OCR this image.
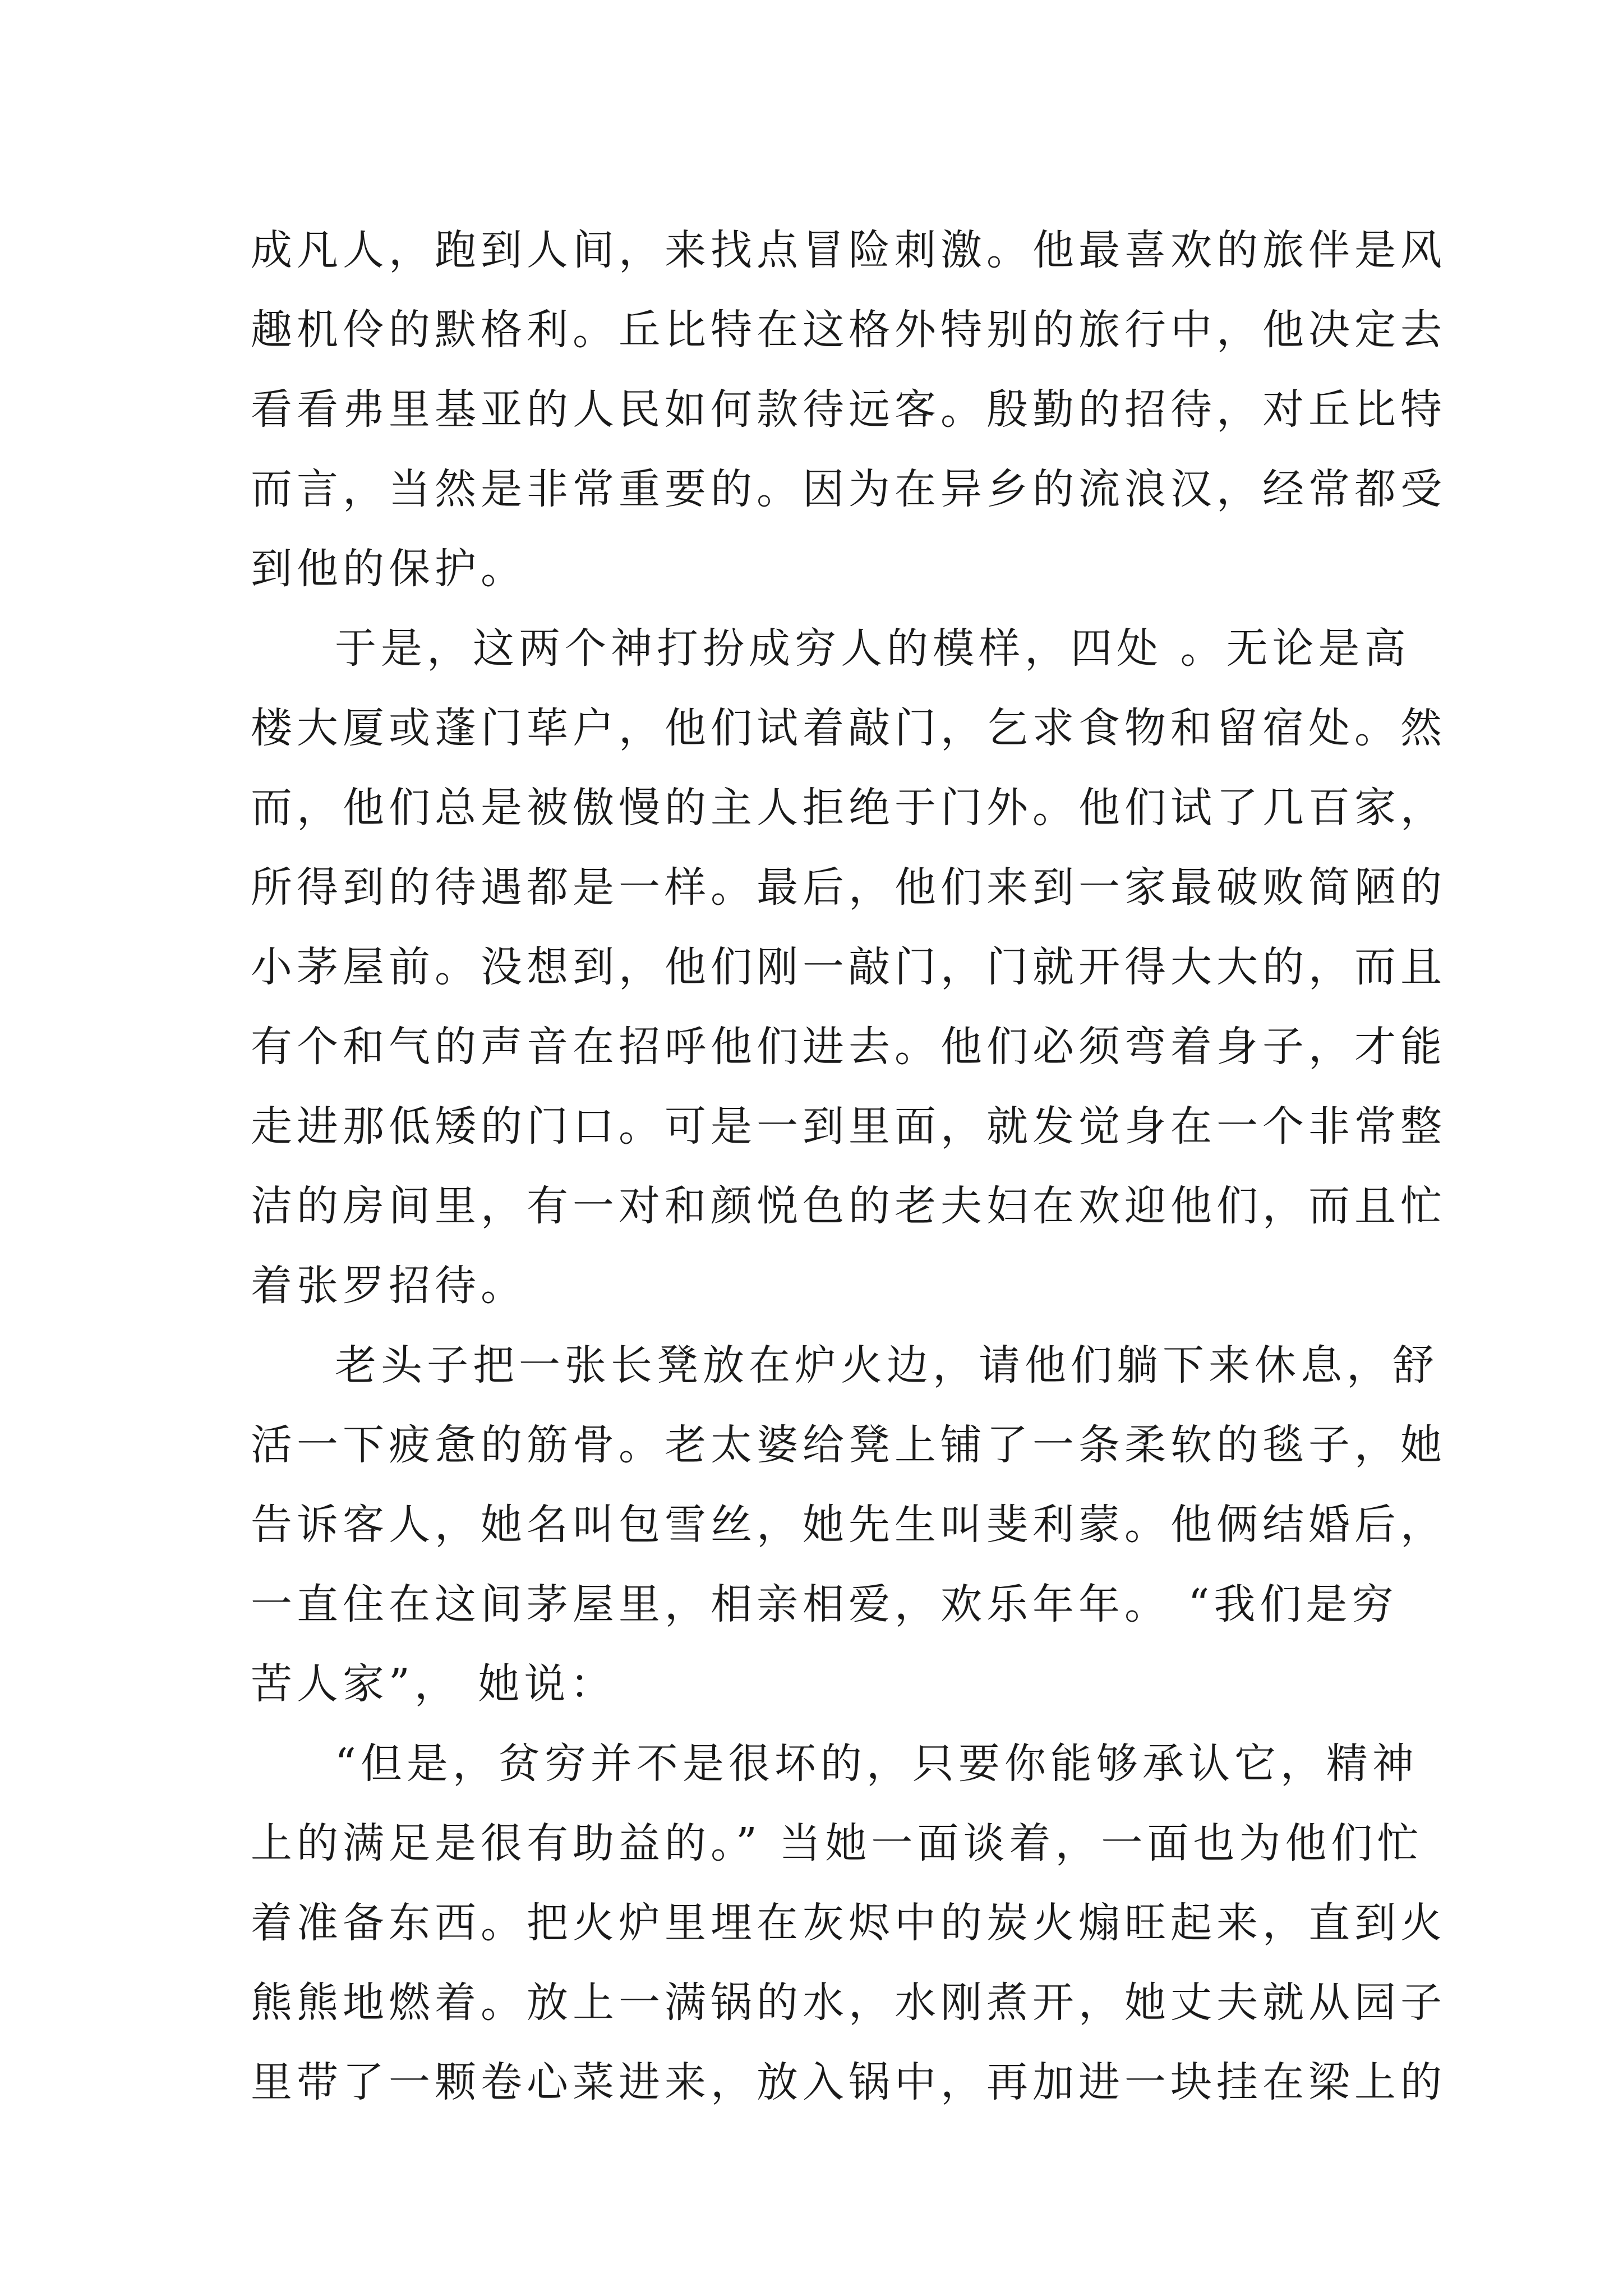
成凡人，跑到人间，来找点冒险刺激。他最喜欢的旅伴是风
趣机伶的默格利。丘比特在这格外特别的旅行中，他决定去
看看弗里基亚的人民如何款待远客。殷勤的招待，对丘比特
而言，当然是非常重要的。因为在异乡的流浪汉，经常都受
到他的保护。
于是，这两个神打扮成穷人的模样，四处 。无论是高
楼大厦或蓬门荜户，他们试着敲门，乞求食物和留宿处。然
而，他们总是被傲慢的主人拒绝于门外。他们试了几百家，
所得到的待遇都是一样。最后，他们来到一家最破败简陋的
小茅屋前。没想到，他们刚一敲门，门就开得大大的，而且
有个和气的声音在招呼他们进去。他们必须弯着身子，才能
走进那低矮的门口。可是一到里面，就发觉身在一个非常整
洁的房间里，有一对和颜悦色的老夫妇在欢迎他们，而且忙
着张罗招待。
老头子把一张长凳放在炉火边，请他们躺下来休息，舒
活一下疲惫的筋骨。老太婆给凳上铺了一条柔软的毯子，她
告诉客人，她名叫包雪丝，她先生叫斐利蒙。他俩结婚后，
一直住在这间茅屋里，相亲相爱，欢乐年年。 “我们是穷
苦人家”， 她说：
“但是，贫穷并不是很坏的，只要你能够承认它，精神
上的满足是很有助益的。” 当她一面谈着，一面也为他们忙
着准备东西。把火炉里埋在灰烬中的炭火煽旺起来，直到火
熊熊地燃着。放上一满锅的水，水刚煮开，她丈夫就从园子
里带了一颗卷心菜进来，放入锅中，再加进一块挂在梁上的
